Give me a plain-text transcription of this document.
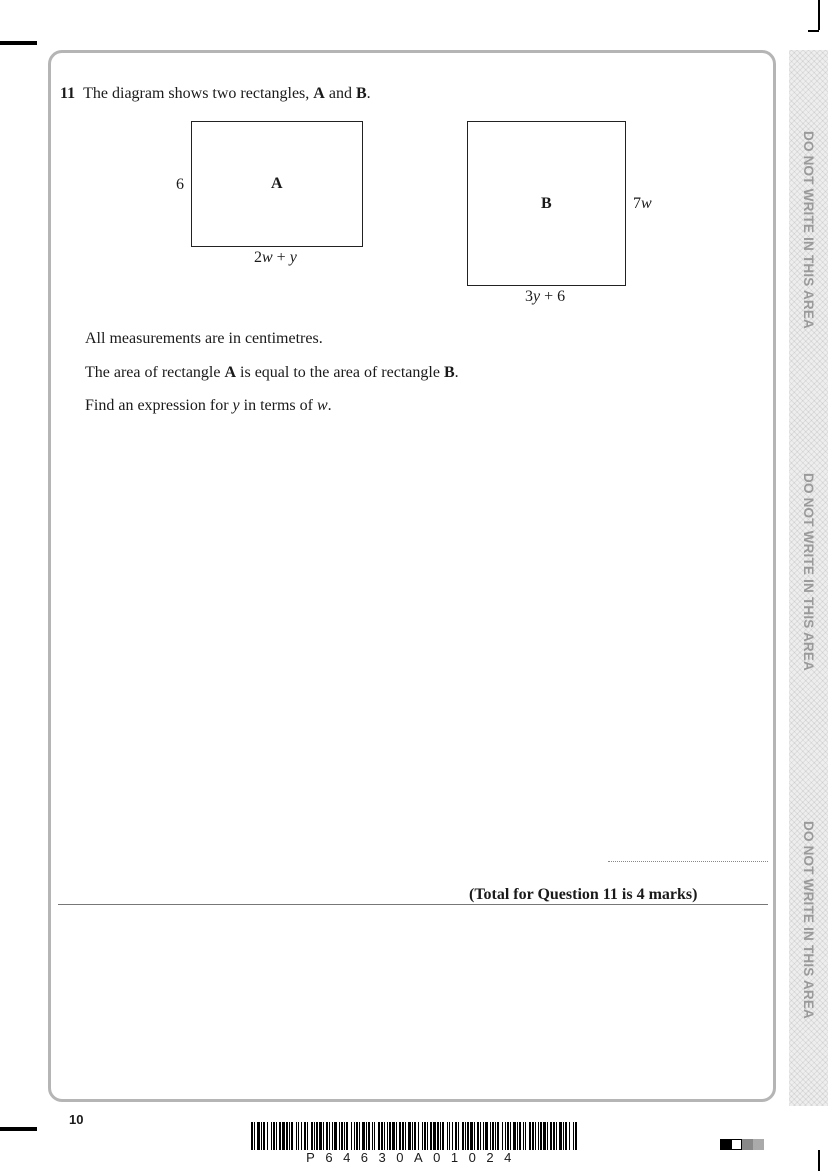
DO NOT WRITE IN THIS AREA
DO NOT WRITE IN THIS AREA
DO NOT WRITE IN THIS AREA
11 The diagram shows two rectangles, A and B.
A
6
2w + y
B	7w
3y + 6
All measurements are in centimetres.
The area of rectangle A is equal to the area of rectangle B.
Find an expression for y in terms of w.
(Total for Question 11 is 4 marks)
10
P64630A01024
